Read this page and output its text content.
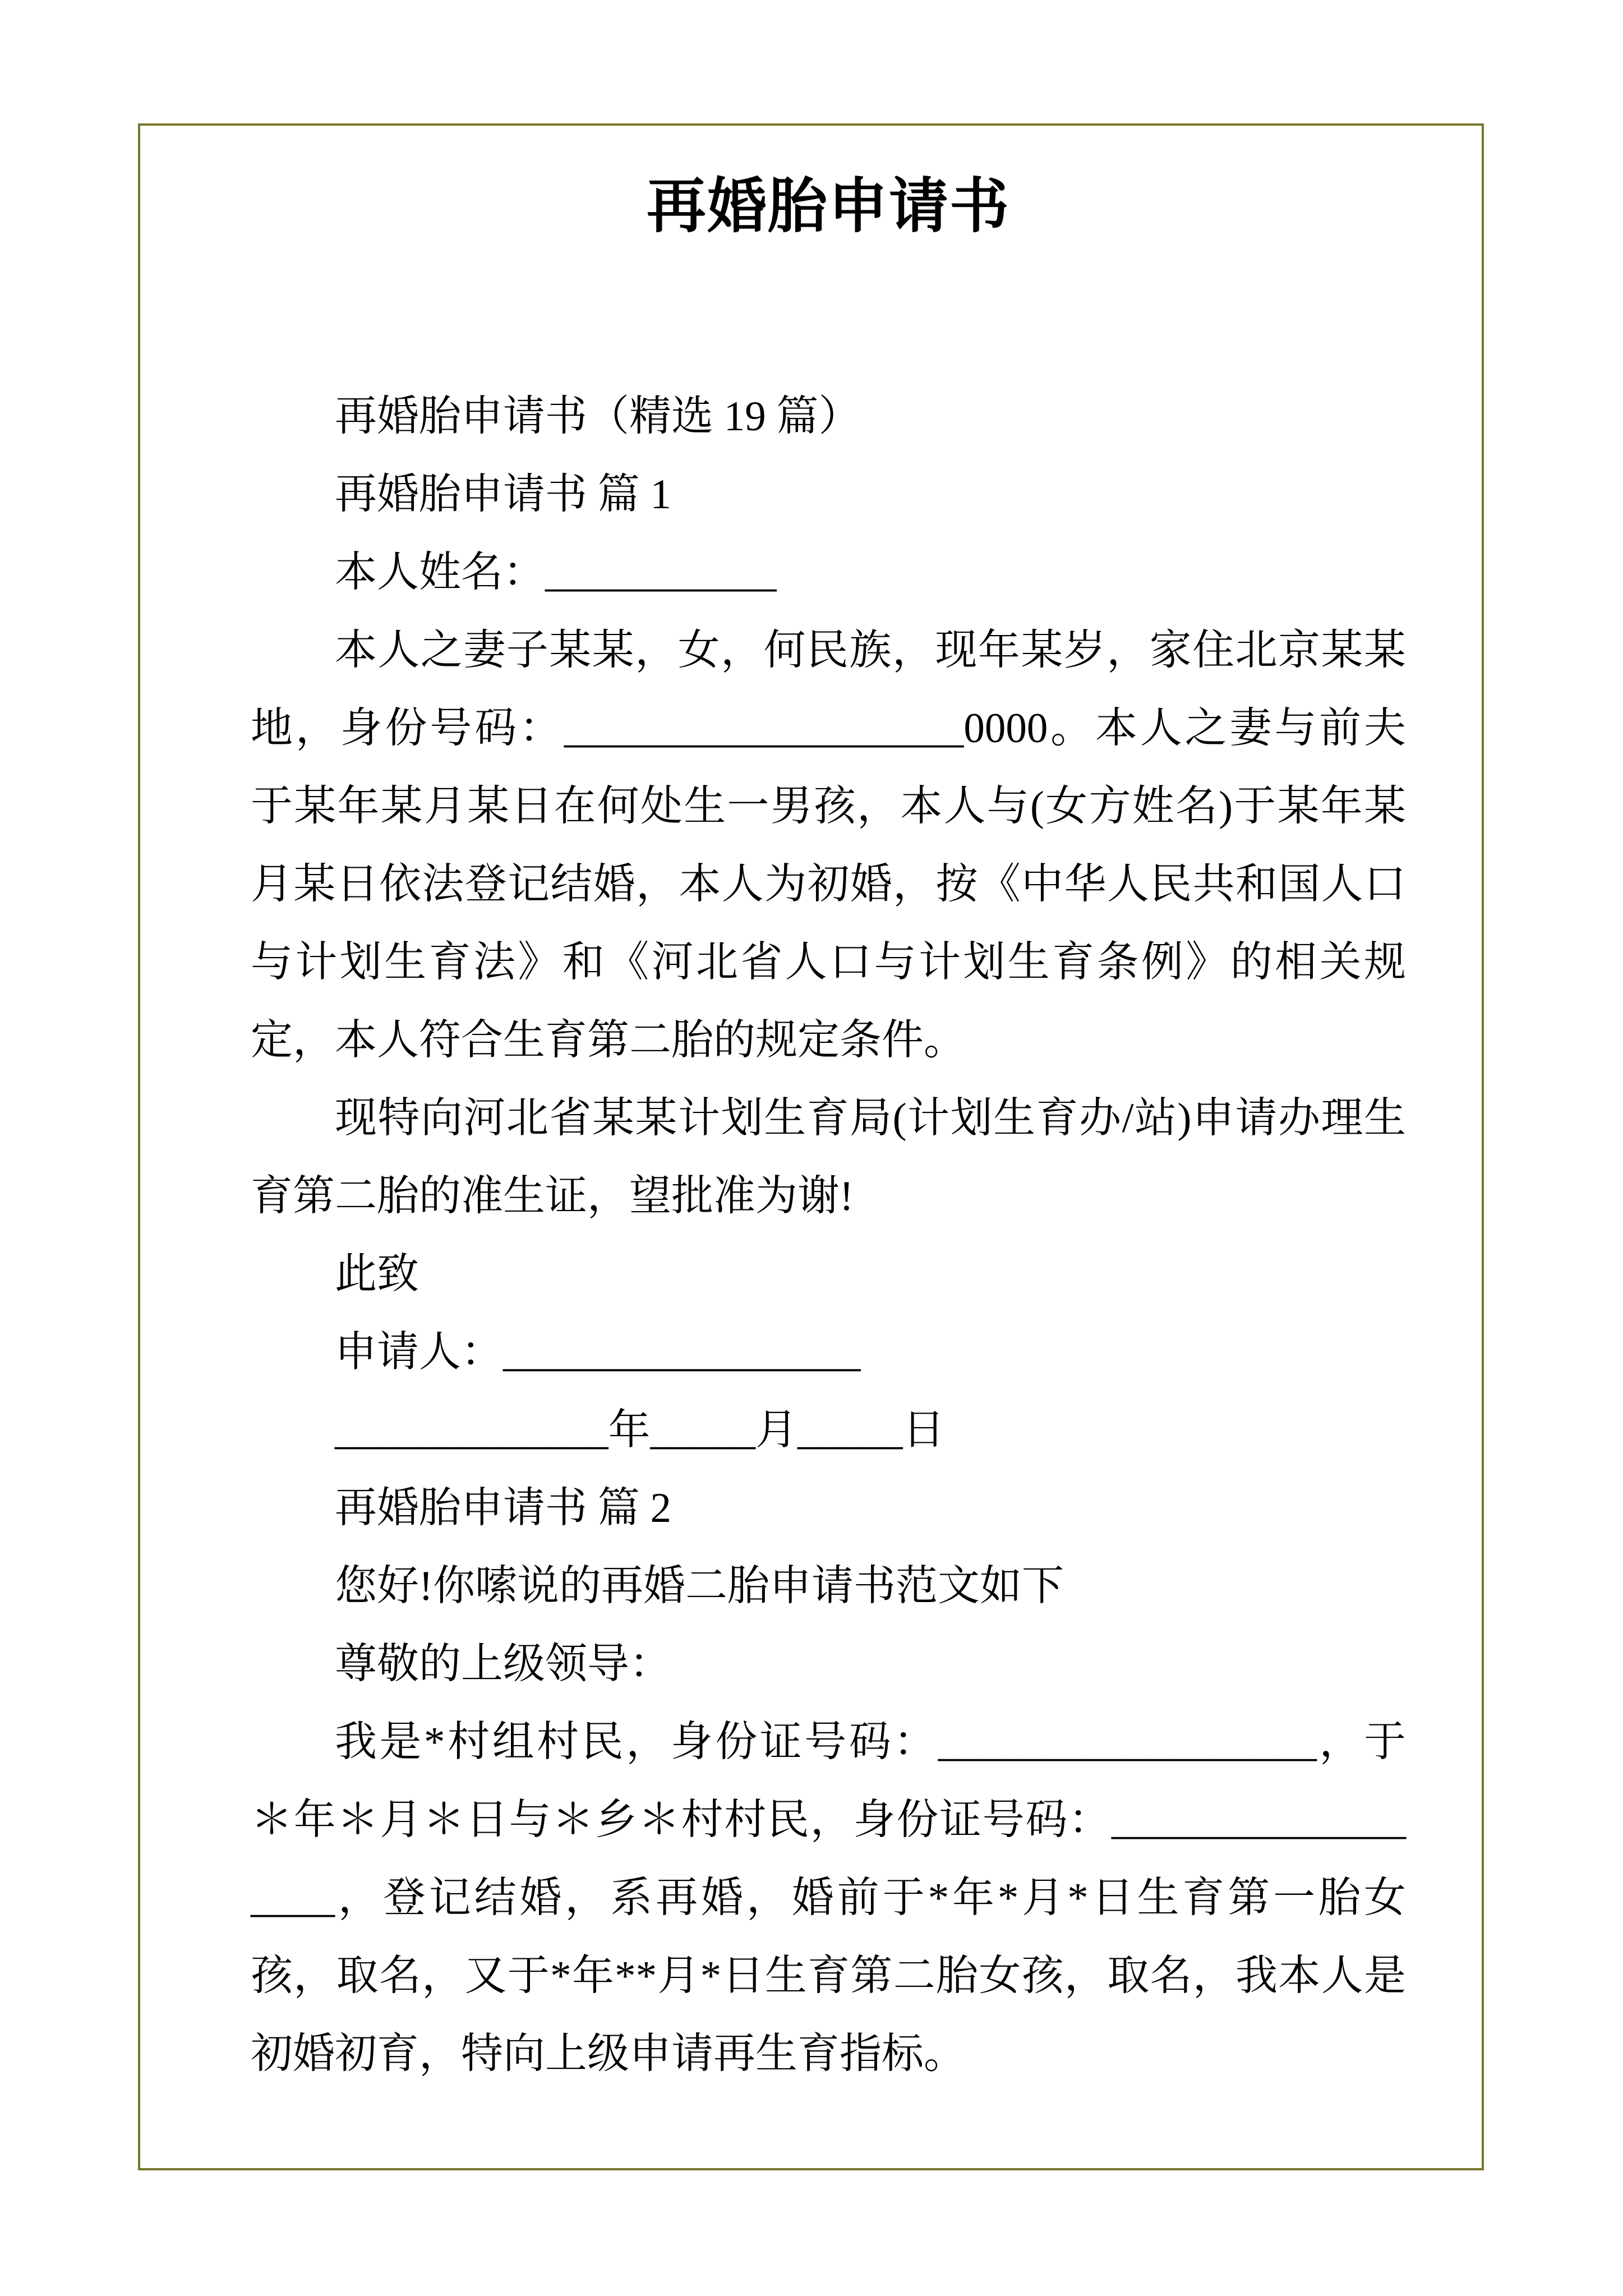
再婚胎申请书

再婚胎申请书（精选 19 篇）

再婚胎申请书 篇 1

本人姓名：___________

本人之妻子某某，女，何民族，现年某岁，家住北京某某地，身份号码：___________________0000。本人之妻与前夫于某年某月某日在何处生一男孩，本人与(女方姓名)于某年某月某日依法登记结婚，本人为初婚，按《中华人民共和国人口与计划生育法》和《河北省人口与计划生育条例》的相关规定，本人符合生育第二胎的规定条件。

现特向河北省某某计划生育局(计划生育办/站)申请办理生育第二胎的准生证，望批准为谢!

此致

申请人：_________________

_____________年_____月_____日

再婚胎申请书 篇 2

您好!你嗦说的再婚二胎申请书范文如下

尊敬的上级领导：

我是*村组村民，身份证号码：__________________，于＊年＊月＊日与＊乡＊村村民，身份证号码：__________________，登记结婚，系再婚，婚前于*年*月*日生育第一胎女孩，取名，又于*年**月*日生育第二胎女孩，取名，我本人是初婚初育，特向上级申请再生育指标。
